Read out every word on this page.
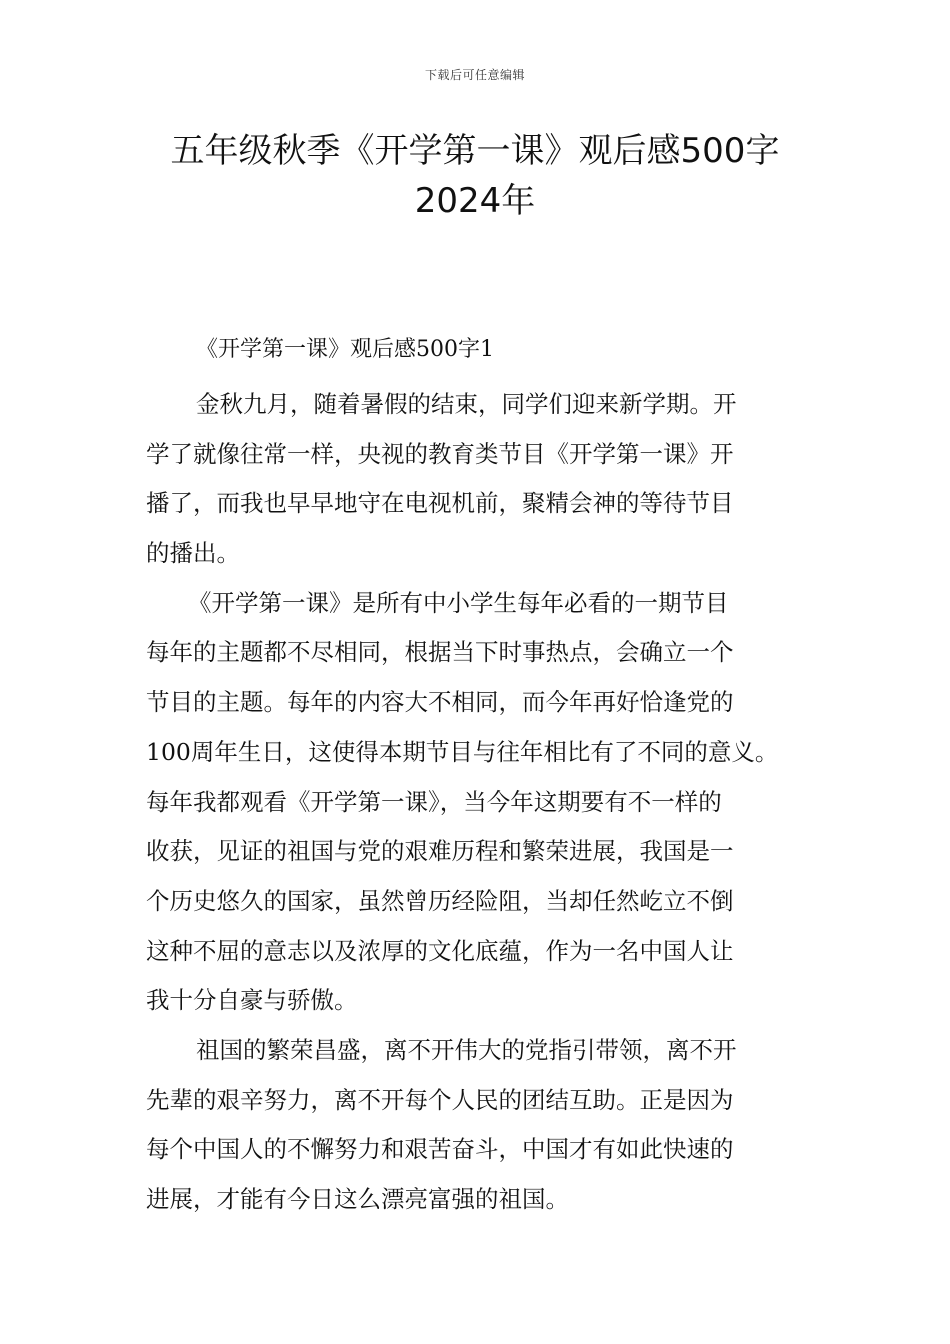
下载后可任意编辑
五年级秋季《开学第一课》观后感500字
2024年
《开学第一课》观后感500字1
金秋九月，随着暑假的结束，同学们迎来新学期。开
学了就像往常一样，央视的教育类节目《开学第一课》开
播了，而我也早早地守在电视机前，聚精会神的等待节目
的播出。
《开学第一课》是所有中小学生每年必看的一期节目
每年的主题都不尽相同，根据当下时事热点，会确立一个
节目的主题。每年的内容大不相同，而今年再好恰逢党的
100周年生日，这使得本期节目与往年相比有了不同的意义。
每年我都观看《开学第一课》，当今年这期要有不一样的
收获，见证的祖国与党的艰难历程和繁荣进展，我国是一
个历史悠久的国家，虽然曾历经险阻，当却任然屹立不倒
这种不屈的意志以及浓厚的文化底蕴，作为一名中国人让
我十分自豪与骄傲。
祖国的繁荣昌盛，离不开伟大的党指引带领，离不开
先辈的艰辛努力，离不开每个人民的团结互助。正是因为
每个中国人的不懈努力和艰苦奋斗，中国才有如此快速的
进展，才能有今日这么漂亮富强的祖国。
